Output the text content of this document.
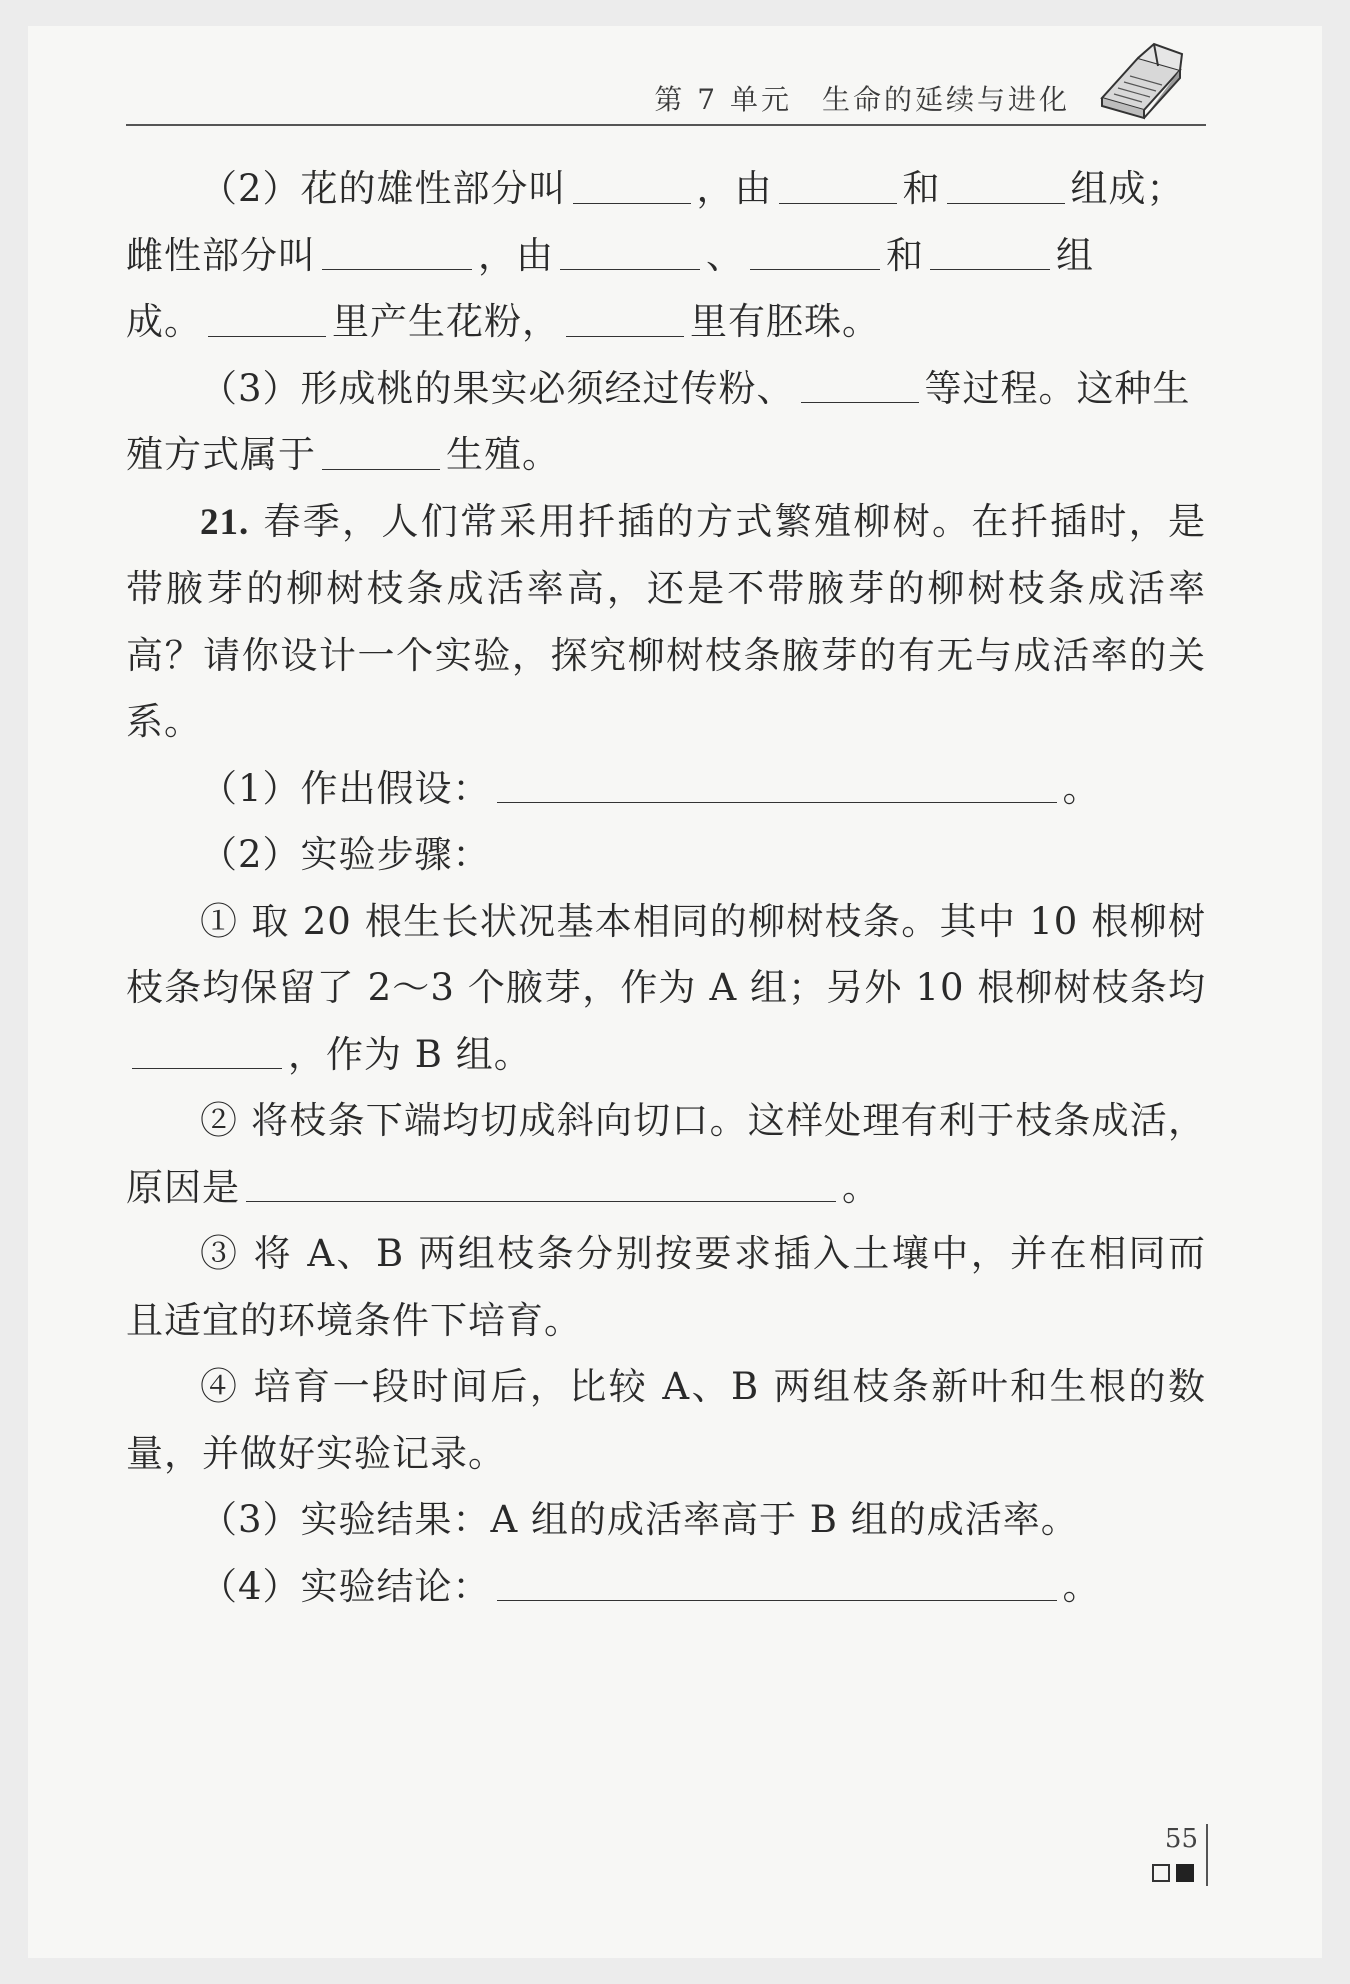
第 7 单元 生命的延续与进化

（2）花的雄性部分叫	，由	和	组成；

雌性部分叫	，由	、	和	组

成。	里产生花粉，	里有胚珠。

（3）形成桃的果实必须经过传粉、	等过程。这种生

殖方式属于	生殖。

21. 春季，人们常采用扦插的方式繁殖柳树。在扦插时，是带腋芽的柳树枝条成活率高，还是不带腋芽的柳树枝条成活率高？请你设计一个实验，探究柳树枝条腋芽的有无与成活率的关系。

（1）作出假设：	。

（2）实验步骤：

① 取 20 根生长状况基本相同的柳树枝条。其中 10 根柳树枝条均保留了 2～3 个腋芽，作为 A 组；另外 10 根柳树枝条均，作为 B 组。

② 将枝条下端均切成斜向切口。这样处理有利于枝条成活，原因是	。

③ 将 A、B 两组枝条分别按要求插入土壤中，并在相同而且适宜的环境条件下培育。

④ 培育一段时间后，比较 A、B 两组枝条新叶和生根的数量，并做好实验记录。

（3）实验结果：A 组的成活率高于 B 组的成活率。

（4）实验结论：	。

55
